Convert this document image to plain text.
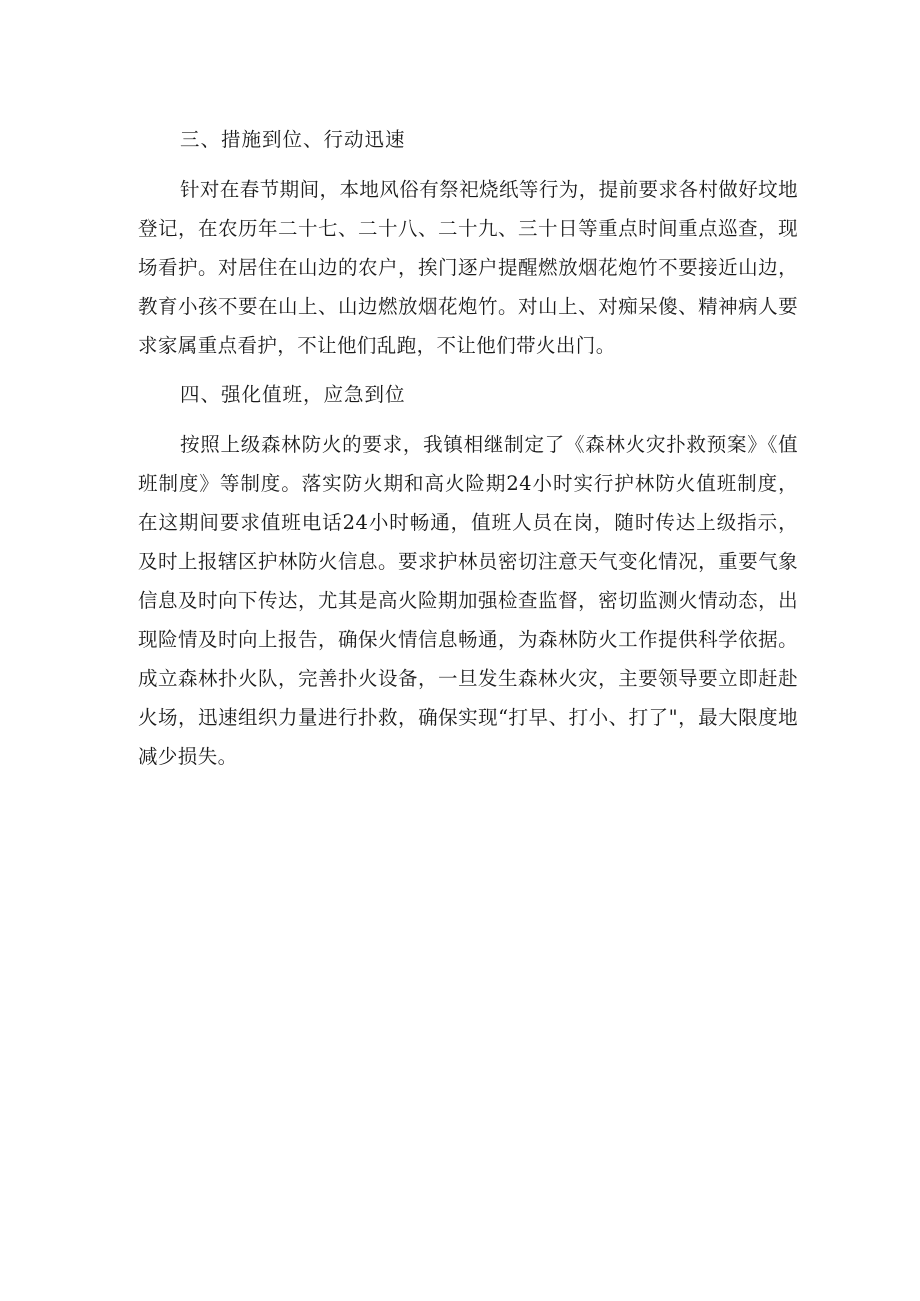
三、措施到位、行动迅速

针对在春节期间，本地风俗有祭祀烧纸等行为，提前要求各村做好坟地登记，在农历年二十七、二十八、二十九、三十日等重点时间重点巡查，现场看护。对居住在山边的农户，挨门逐户提醒燃放烟花炮竹不要接近山边，教育小孩不要在山上、山边燃放烟花炮竹。对山上、对痴呆傻、精神病人要求家属重点看护，不让他们乱跑，不让他们带火出门。

四、强化值班，应急到位

按照上级森林防火的要求，我镇相继制定了《森林火灾扑救预案》《值班制度》等制度。落实防火期和高火险期24小时实行护林防火值班制度，在这期间要求值班电话24小时畅通，值班人员在岗，随时传达上级指示，及时上报辖区护林防火信息。要求护林员密切注意天气变化情况，重要气象信息及时向下传达，尤其是高火险期加强检查监督，密切监测火情动态，出现险情及时向上报告，确保火情信息畅通，为森林防火工作提供科学依据。成立森林扑火队，完善扑火设备，一旦发生森林火灾，主要领导要立即赶赴火场，迅速组织力量进行扑救，确保实现“打早、打小、打了"，最大限度地减少损失。
